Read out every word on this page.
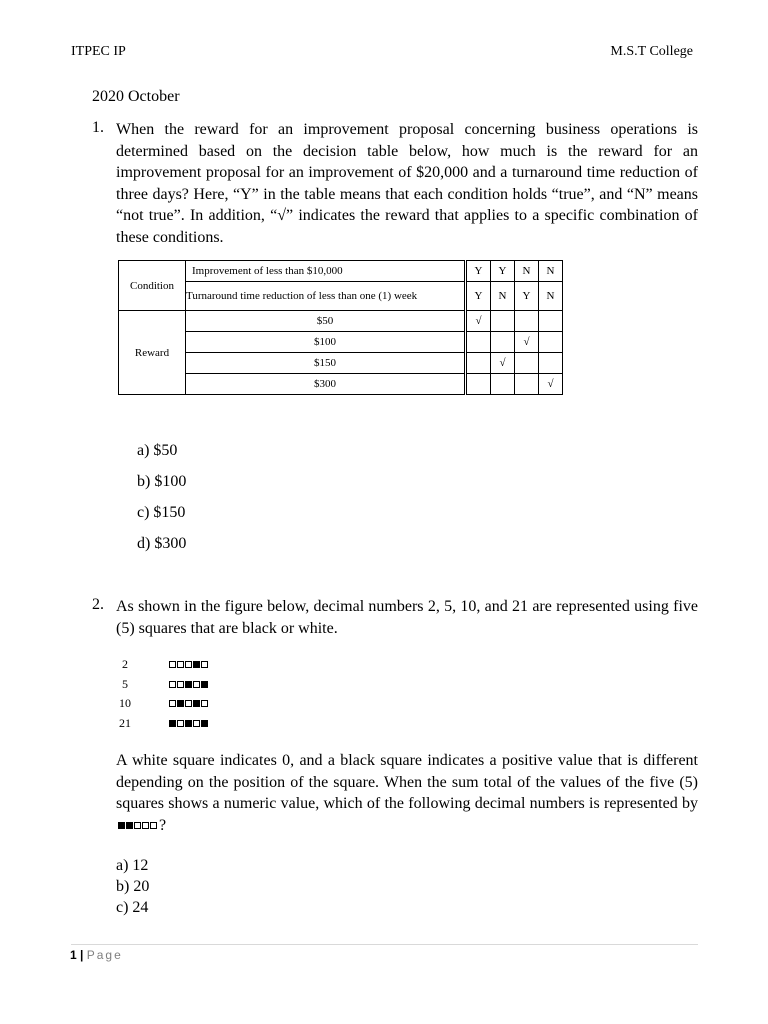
ITPEC IP	M.S.T College
2020 October
1. When the reward for an improvement proposal concerning business operations is determined based on the decision table below, how much is the reward for an improvement proposal for an improvement of $20,000 and a turnaround time reduction of three days? Here, “Y” in the table means that each condition holds “true”, and “N” means “not true”. In addition, “√” indicates the reward that applies to a specific combination of these conditions.
Condition	Improvement of less than $10,000	Y	Y	N	N
	Turnaround time reduction of less than one (1) week	Y	N	Y	N
Reward	$50	√			
	$100			√	
	$150		√		
	$300				√
a) $50
b) $100
c) $150
d) $300
2. As shown in the figure below, decimal numbers 2, 5, 10, and 21 are represented using five (5) squares that are black or white.
2
5
10
21
A white square indicates 0, and a black square indicates a positive value that is different depending on the position of the square. When the sum total of the values of the five (5) squares shows a numeric value, which of the following decimal numbers is represented by
?
a) 12
b) 20
c) 24
1 | Page
